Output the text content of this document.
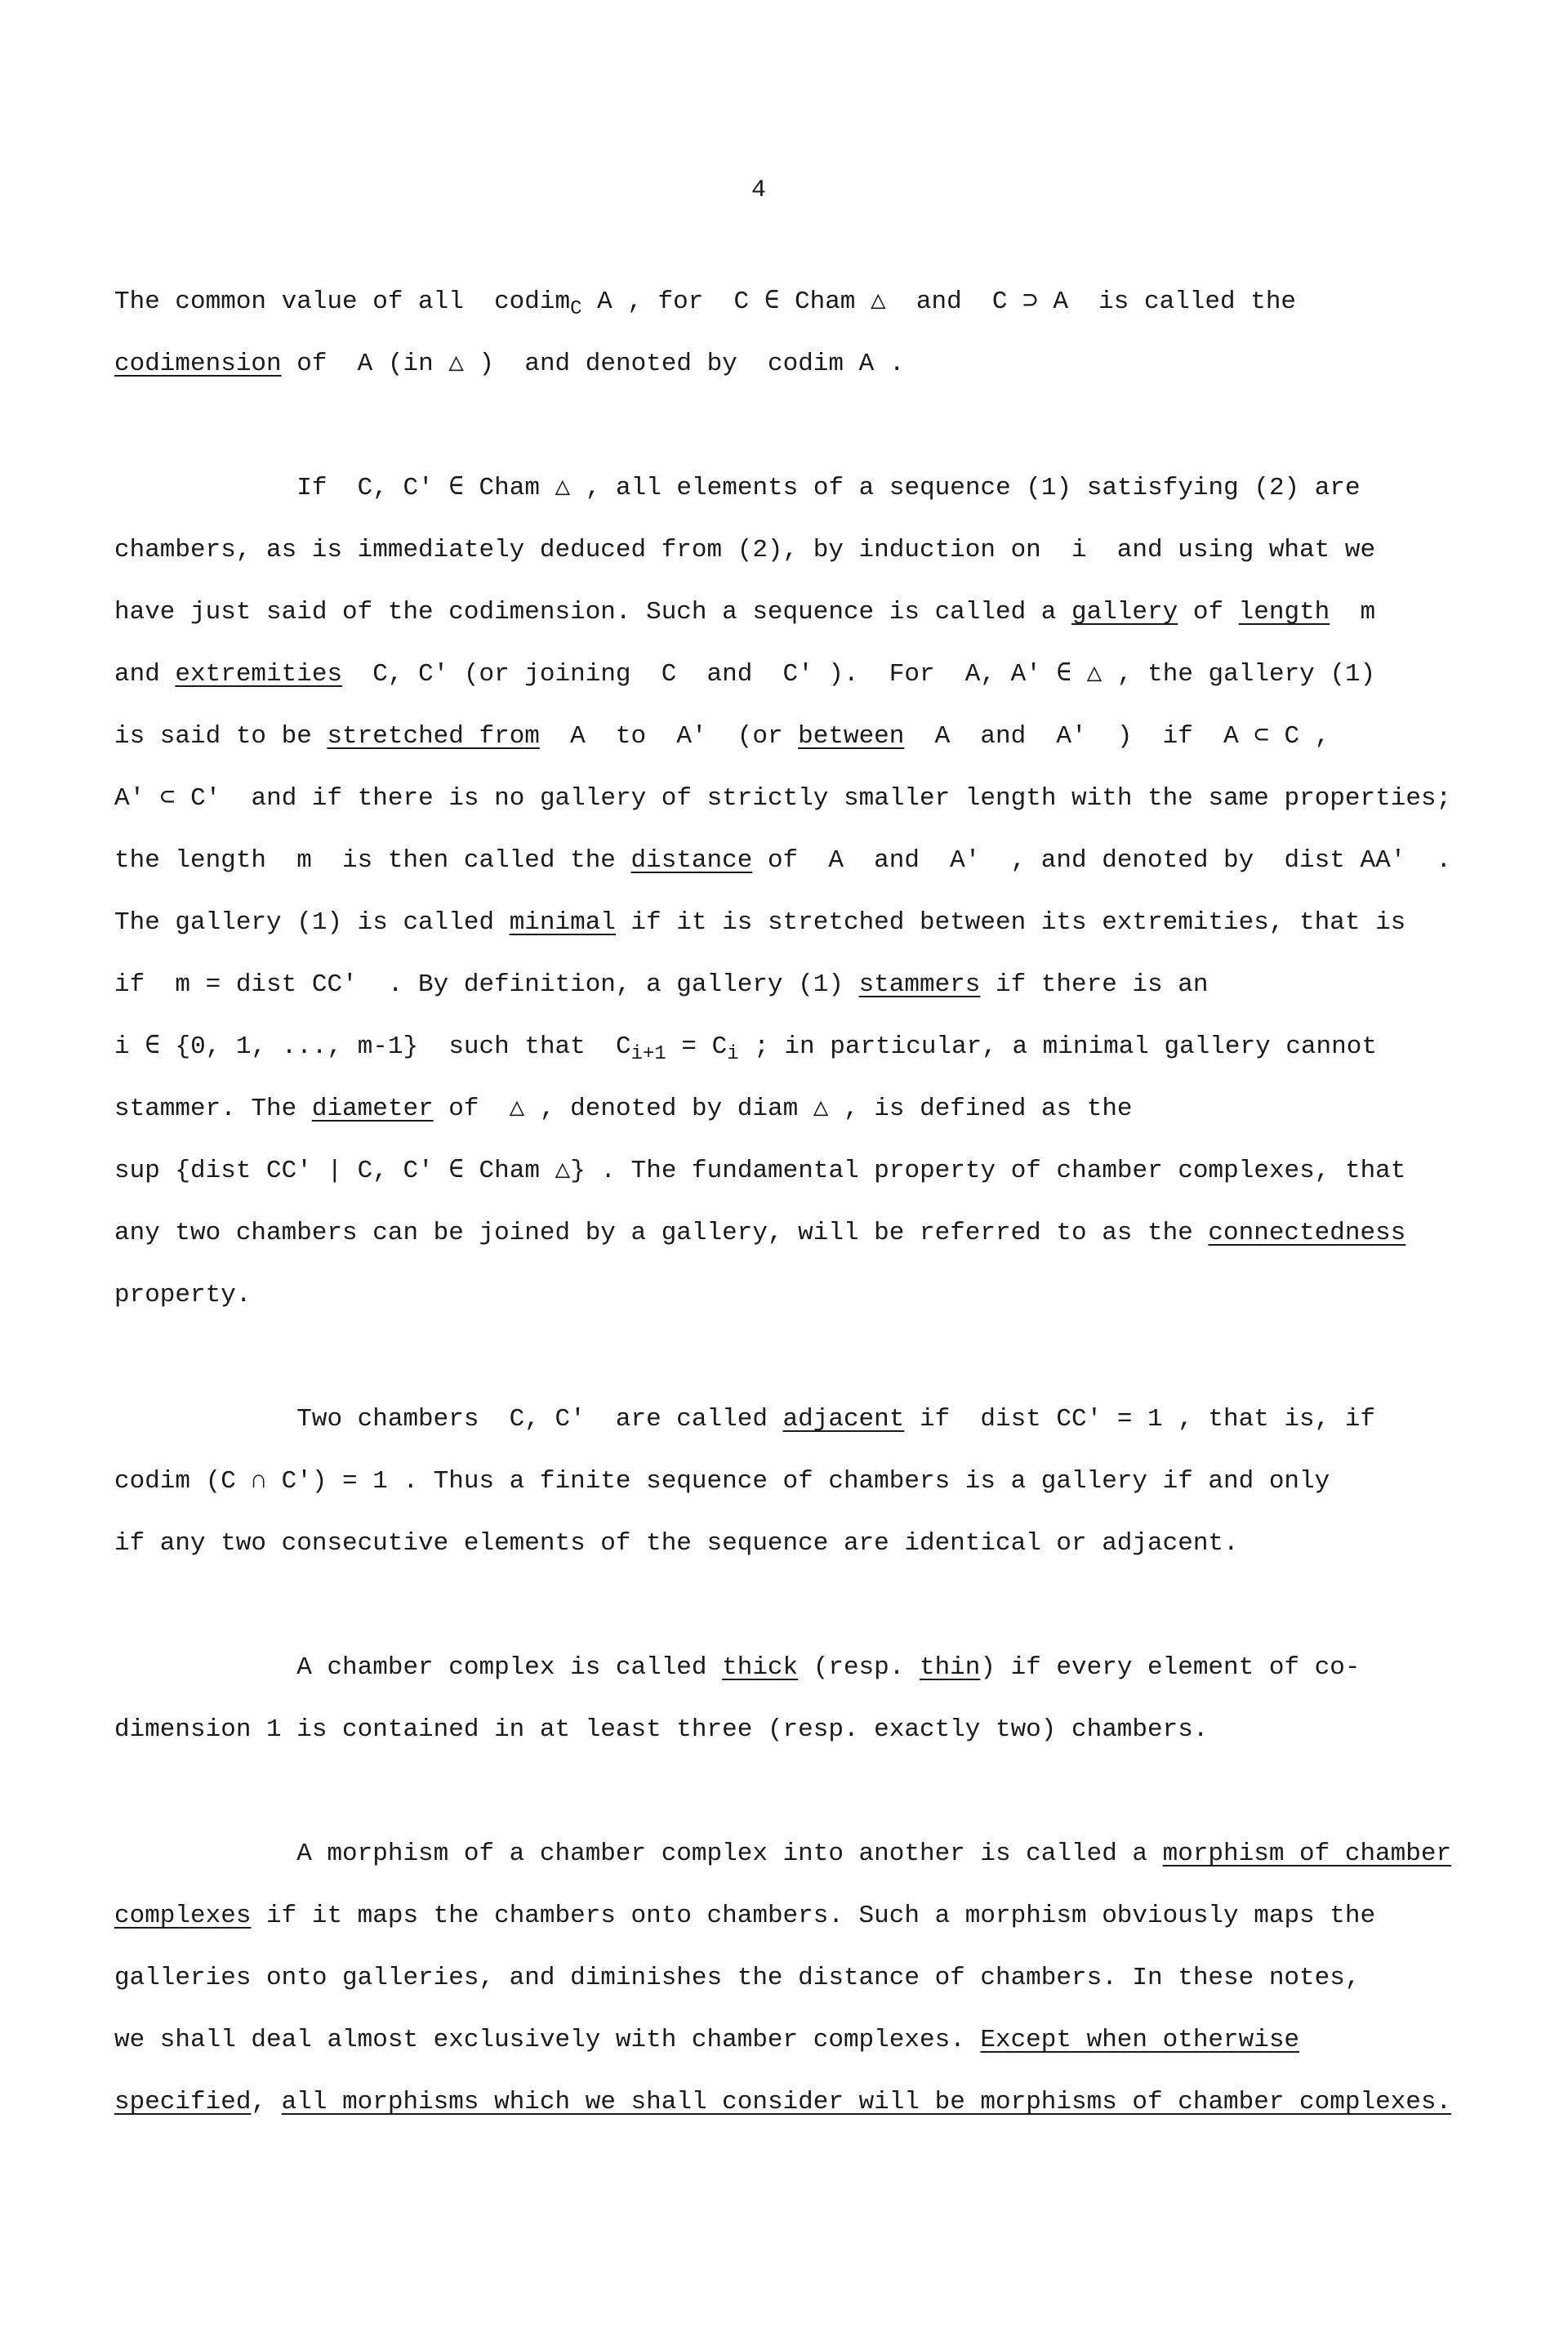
4
The common value of all  codim$_C$ A , for  C ∈ Cham △  and  C ⊃ A  is called the
codimension of  A (in △ )  and denoted by  codim A .
If  C, C' ∈ Cham △ , all elements of a sequence (1) satisfying (2) are
chambers, as is immediately deduced from (2), by induction on  i  and using what we
have just said of the codimension. Such a sequence is called a gallery of length  m
and extremities  C, C' (or joining  C  and  C' ).  For  A, A' ∈ △ , the gallery (1)
is said to be stretched from  A  to  A'  (or between  A  and  A'  )  if  A ⊂ C ,
A' ⊂ C'  and if there is no gallery of strictly smaller length with the same properties;
the length  m  is then called the distance of  A  and  A'  , and denoted by  dist AA'  .
The gallery (1) is called minimal if it is stretched between its extremities, that is
if  m = dist CC'  . By definition, a gallery (1) stammers if there is an
i ∈ {0, 1, ..., m-1}  such that  $C_{i+1} = C_i$ ; in particular, a minimal gallery cannot
stammer. The diameter of  △ , denoted by diam △ , is defined as the
sup {dist CC' | C, C' ∈ Cham △} . The fundamental property of chamber complexes, that
any two chambers can be joined by a gallery, will be referred to as the connectedness
property.
Two chambers  C, C'  are called adjacent if  dist CC' = 1 , that is, if
codim (C ∩ C') = 1 . Thus a finite sequence of chambers is a gallery if and only
if any two consecutive elements of the sequence are identical or adjacent.
A chamber complex is called thick (resp. thin) if every element of co-
dimension 1 is contained in at least three (resp. exactly two) chambers.
A morphism of a chamber complex into another is called a morphism of chamber
complexes if it maps the chambers onto chambers. Such a morphism obviously maps the
galleries onto galleries, and diminishes the distance of chambers. In these notes,
we shall deal almost exclusively with chamber complexes. Except when otherwise
specified, all morphisms which we shall consider will be morphisms of chamber complexes.
